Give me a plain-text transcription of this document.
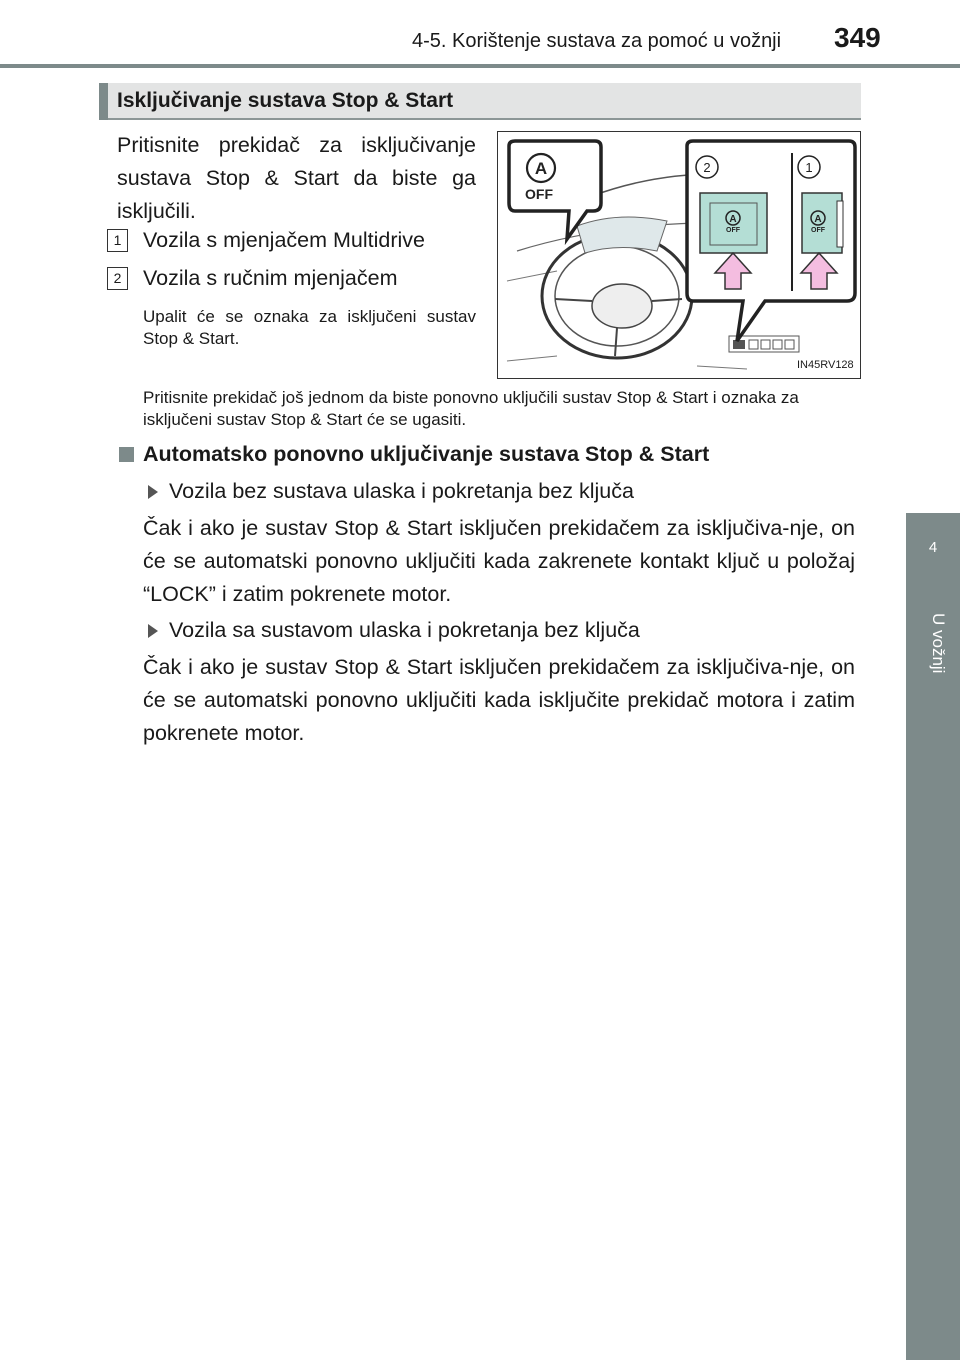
4-5. Korištenje sustava za pomoć u vožnji 349
4
U vožnji
Isključivanje sustava Stop & Start
Pritisnite prekidač za isključivanje
sustava Stop & Start da biste ga
isključili.
1	Vozila s mjenjačem Multidrive
2	Vozila s ručnim mjenjačem
Upalit će se oznaka za isključeni sustav Stop & Start.
A
A	A
OFF
2	1
OFF	OFF
IN45RV128
Pritisnite prekidač još jednom da biste ponovno uključili sustav Stop & Start i oznaka za isključeni sustav Stop & Start će se ugasiti.
Automatsko ponovno uključivanje sustava Stop & Start
Vozila bez sustava ulaska i pokretanja bez ključa
Čak i ako je sustav Stop & Start isključen prekidačem za isključiva-nje, on će se automatski ponovno uključiti kada zakrenete kontakt ključ u položaj “LOCK” i zatim pokrenete motor.
Vozila sa sustavom ulaska i pokretanja bez ključa
Čak i ako je sustav Stop & Start isključen prekidačem za isključiva-nje, on će se automatski ponovno uključiti kada isključite prekidač motora i zatim pokrenete motor.
